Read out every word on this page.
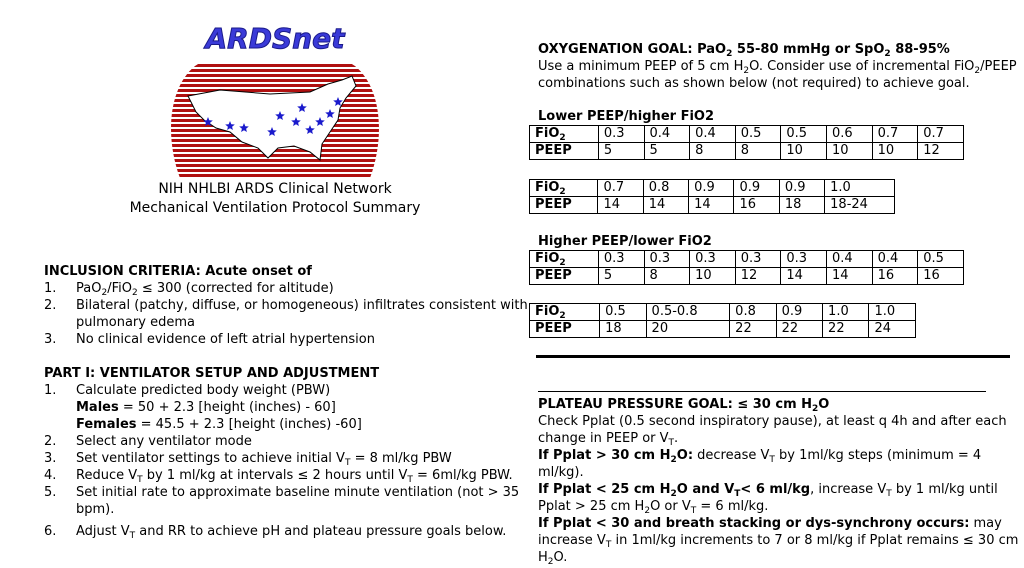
ARDSnet
NIH NHLBI ARDS Clinical Network
Mechanical Ventilation Protocol Summary
INCLUSION CRITERIA: Acute onset of
1. PaO$_2$/FiO$_2$ ≤ 300 (corrected for altitude)
2. Bilateral (patchy, diffuse, or homogeneous) infiltrates consistent with
pulmonary edema
3. No clinical evidence of left atrial hypertension
PART I: VENTILATOR SETUP AND ADJUSTMENT
1. Calculate predicted body weight (PBW)
Males = 50 + 2.3 [height (inches) - 60]
Females = 45.5 + 2.3 [height (inches) -60]
2. Select any ventilator mode
3. Set ventilator settings to achieve initial $V_T = 8$ ml/kg PBW
4. Reduce $V_T$ by 1 ml/kg at intervals ≤ 2 hours until $V_T = 6ml/kg$ PBW.
5. Set initial rate to approximate baseline minute ventilation (not > 35
bpm).
6. Adjust $V_T$ and RR to achieve pH and plateau pressure goals below.
OXYGENATION GOAL: PaO$_2$ 55-80 mmHg or SpO$_2$ 88-95%
Use a minimum PEEP of 5 cm $H_2O$. Consider use of incremental FiO$_2$/PEEP
combinations such as shown below (not required) to achieve goal.
Lower PEEP/higher FiO2
FiO$_2$	0.3	0.4	0.4	0.5	0.5	0.6	0.7	0.7
PEEP	5	5	8	8	10	10	10	12
FiO$_2$	0.7	0.8	0.9	0.9	0.9	1.0
PEEP	14	14	14	16	18	18-24
Higher PEEP/lower FiO2
FiO$_2$	0.3	0.3	0.3	0.3	0.3	0.4	0.4	0.5
PEEP	5	8	10	12	14	14	16	16
FiO$_2$	0.5	0.5-0.8	0.8	0.9	1.0	1.0
PEEP	18	20	22	22	22	24
PLATEAU PRESSURE GOAL: ≤ 30 cm $H_2O$
Check Pplat (0.5 second inspiratory pause), at least q 4h and after each
change in PEEP or $V_T$.
If Pplat > 30 cm $H_2O$: decrease $V_T$ by 1ml/kg steps (minimum = 4
ml/kg).
If Pplat < 25 cm $H_2O$ and $V_T< 6$ ml/kg, increase $V_T$ by 1 ml/kg until
Pplat > 25 cm $H_2O$ or $V_T = 6$ ml/kg.
If Pplat < 30 and breath stacking or dys-synchrony occurs: may
increase $V_T$ in 1ml/kg increments to 7 or 8 ml/kg if Pplat remains ≤ 30 cm
$H_2O$.
